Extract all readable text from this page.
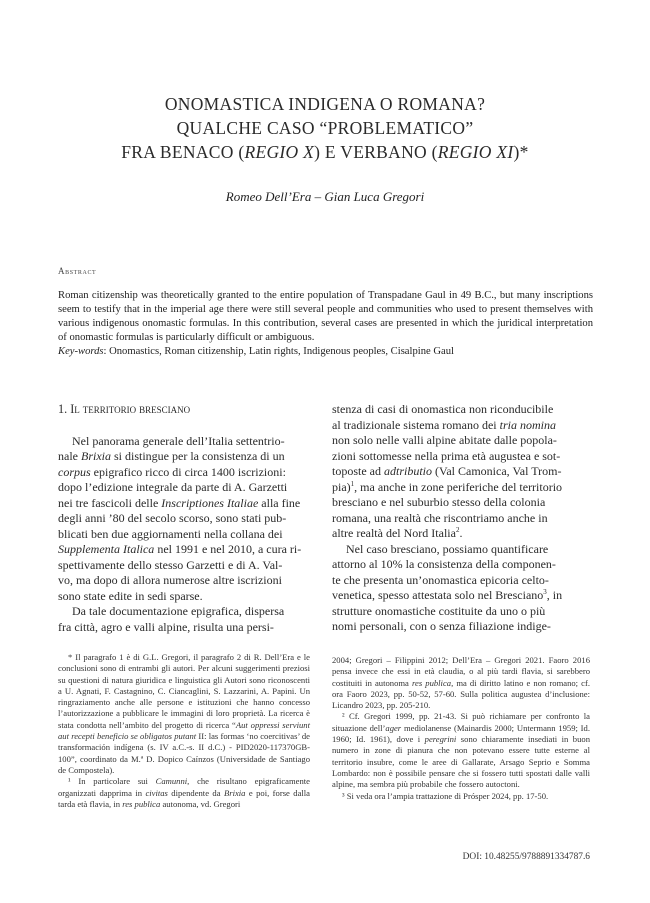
ONOMASTICA INDIGENA O ROMANA?
QUALCHE CASO “PROBLEMATICO”
FRA BENACO (REGIO X) E VERBANO (REGIO XI)*
Romeo Dell’Era – Gian Luca Gregori
Abstract

Roman citizenship was theoretically granted to the entire population of Transpadane Gaul in 49 B.C., but many inscriptions seem to testify that in the imperial age there were still several people and communities who used to present themselves with various indigenous onomastic formulas. In this contribution, several cases are presented in which the juridical interpretation of onomastic formulas is particularly difficult or ambiguous.

Key-words: Onomastics, Roman citizenship, Latin rights, Indigenous peoples, Cisalpine Gaul

1. Il territorio bresciano
Nel panorama generale dell’Italia settentrio-
nale Brixia si distingue per la consistenza di un
corpus epigrafico ricco di circa 1400 iscrizioni:
dopo l’edizione integrale da parte di A. Garzetti
nei tre fascicoli delle Inscriptiones Italiae alla fine
degli anni ’80 del secolo scorso, sono stati pub-
blicati ben due aggiornamenti nella collana dei
Supplementa Italica nel 1991 e nel 2010, a cura ri-
spettivamente dello stesso Garzetti e di A. Val-
vo, ma dopo di allora numerose altre iscrizioni
sono state edite in sedi sparse.
Da tale documentazione epigrafica, dispersa
fra città, agro e valli alpine, risulta una persi-
stenza di casi di onomastica non riconducibile
al tradizionale sistema romano dei tria nomina
non solo nelle valli alpine abitate dalle popola-
zioni sottomesse nella prima età augustea e sot-
toposte ad adtributio (Val Camonica, Val Trom-
pia)$^1$, ma anche in zone periferiche del territorio
bresciano e nel suburbio stesso della colonia
romana, una realtà che riscontriamo anche in
altre realtà del Nord Italia$^2$.
Nel caso bresciano, possiamo quantificare
attorno al 10% la consistenza della componen-
te che presenta un’onomastica epicoria celto-
venetica, spesso attestata solo nel Bresciano$^3$, in
strutture onomastiche costituite da uno o più
nomi personali, con o senza filiazione indige-

* Il paragrafo 1 è di G.L. Gregori, il paragrafo 2 di R. Dell’Era e le conclusioni sono di entrambi gli autori. Per alcuni suggerimenti preziosi su questioni di natura giuridica e linguistica gli Autori sono riconoscenti a U. Agnati, F. Castagnino, C. Ciancaglini, S. Lazzarini, A. Papini. Un ringraziamento anche alle persone e istituzioni che hanno concesso l’autorizzazione a pubblicare le immagini di loro proprietà. La ricerca è stata condotta nell’ambito del progetto di ricerca “Aut oppressi serviunt aut recepti beneficio se obligatos putant II: las formas ‘no coercitivas’ de transformación indígena (s. IV a.C.-s. II d.C.) - PID2020-117370GB-100”, coordinato da M.ª D. Dopico Caínzos (Universidade de Santiago de Compostela).

¹ In particolare sui Camunni, che risultano epigraficamente organizzati dapprima in civitas dipendente da Brixia e poi, forse dalla tarda età flavia, in res publica autonoma, vd. Gregori

2004; Gregori – Filippini 2012; Dell’Era – Gregori 2021. Faoro 2016 pensa invece che essi in età claudia, o al più tardi flavia, si sarebbero costituiti in autonoma res publica, ma di diritto latino e non romano; cf. ora Faoro 2023, pp. 50-52, 57-60. Sulla politica augustea d’inclusione: Licandro 2023, pp. 205-210.

² Cf. Gregori 1999, pp. 21-43. Si può richiamare per confronto la situazione dell’ager mediolanense (Mainardis 2000; Untermann 1959; Id. 1960; Id. 1961), dove i peregrini sono chiaramente insediati in buon numero in zone di pianura che non potevano essere tutte esterne al territorio insubre, come le aree di Gallarate, Arsago Seprio e Somma Lombardo: non è possibile pensare che si fossero tutti spostati dalle valli alpine, ma sembra più probabile che fossero autoctoni.

³ Si veda ora l’ampia trattazione di Prósper 2024, pp. 17-50.

DOI: 10.48255/9788891334787.6
